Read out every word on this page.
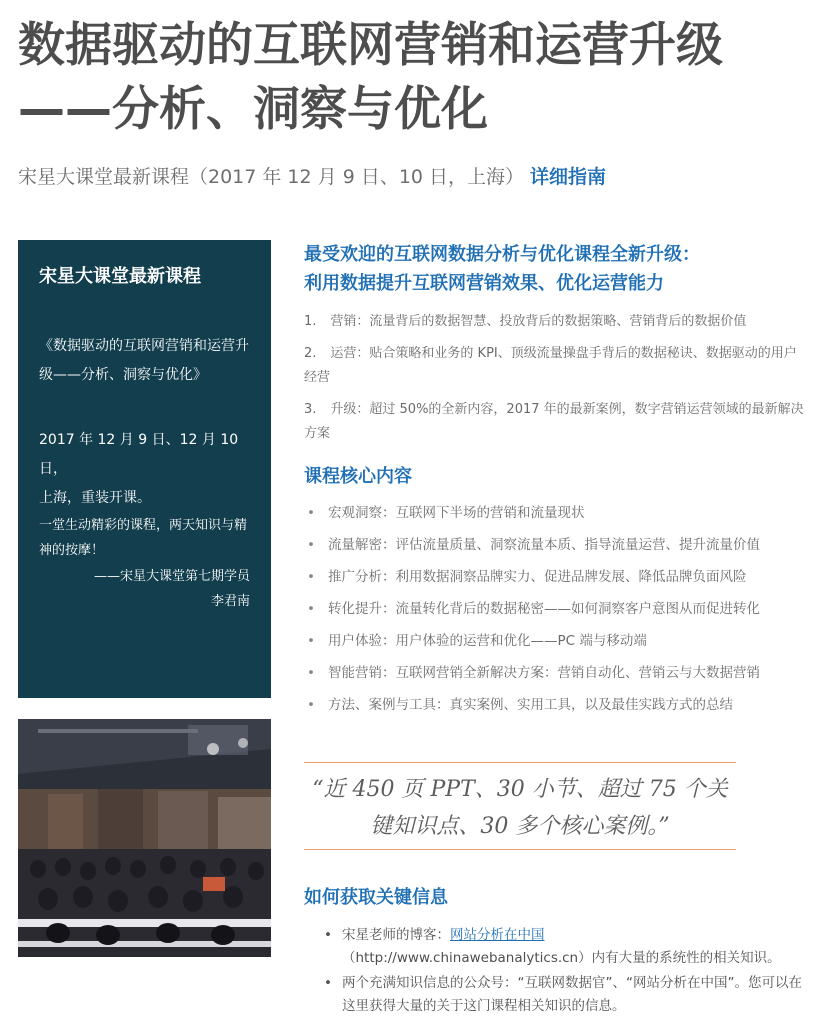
数据驱动的互联网营销和运营升级
——分析、洞察与优化
宋星大课堂最新课程（2017 年 12 月 9 日、10 日，上海） 详细指南
宋星大课堂最新课程
《数据驱动的互联网营销和运营升级——分析、洞察与优化》
2017 年 12 月 9 日、12 月 10 日，
上海，重装开课。
一堂生动精彩的课程，两天知识与精神的按摩！
——宋星大课堂第七期学员
李君南
最受欢迎的互联网数据分析与优化课程全新升级：
利用数据提升互联网营销效果、优化运营能力
1. 营销：流量背后的数据智慧、投放背后的数据策略、营销背后的数据价值
2. 运营：贴合策略和业务的 KPI、顶级流量操盘手背后的数据秘诀、数据驱动的用户经营
3. 升级：超过 50%的全新内容，2017 年的最新案例，数字营销运营领域的最新解决方案
课程核心内容
• 宏观洞察：互联网下半场的营销和流量现状
• 流量解密：评估流量质量、洞察流量本质、指导流量运营、提升流量价值
• 推广分析：利用数据洞察品牌实力、促进品牌发展、降低品牌负面风险
• 转化提升：流量转化背后的数据秘密——如何洞察客户意图从而促进转化
• 用户体验：用户体验的运营和优化——PC 端与移动端
• 智能营销：互联网营销全新解决方案：营销自动化、营销云与大数据营销
• 方法、案例与工具：真实案例、实用工具，以及最佳实践方式的总结
“近 450 页 PPT、30 小节、超过 75 个关
键知识点、30 多个核心案例。”
如何获取关键信息
• 宋星老师的博客：网站分析在中国
（http://www.chinawebanalytics.cn）内有大量的系统性的相关知识。
• 两个充满知识信息的公众号：“互联网数据官”、“网站分析在中国”。您可以在这里获得大量的关于这门课程相关知识的信息。
